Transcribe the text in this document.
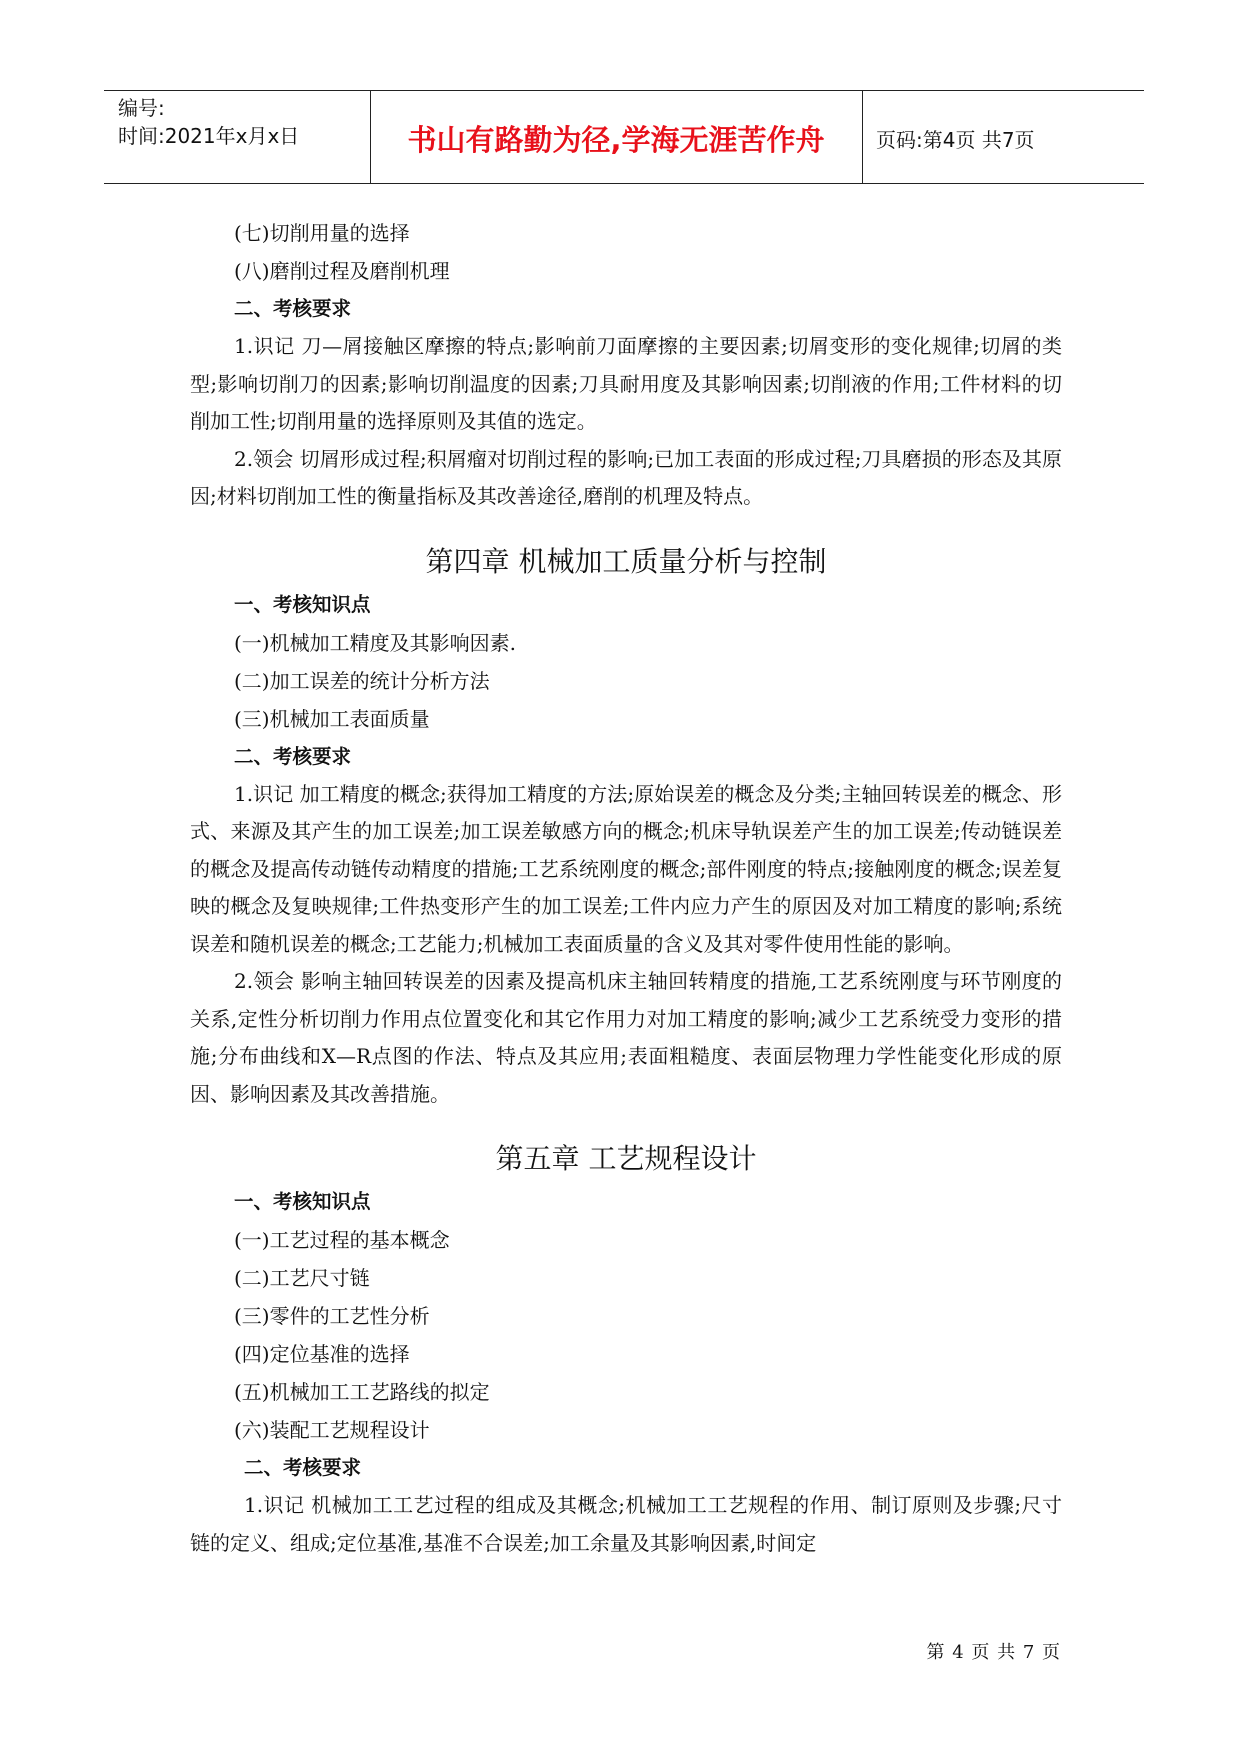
编号:
时间:2021年x月x日	书山有路勤为径,学海无涯苦作舟	页码:第4页 共7页
(七)切削用量的选择
(八)磨削过程及磨削机理
二、考核要求

1.识记 刀—屑接触区摩擦的特点;影响前刀面摩擦的主要因素;切屑变形的变化规律;切屑的类型;影响切削刀的因素;影响切削温度的因素;刀具耐用度及其影响因素;切削液的作用;工件材料的切削加工性;切削用量的选择原则及其值的选定。

2.领会 切屑形成过程;积屑瘤对切削过程的影响;已加工表面的形成过程;刀具磨损的形态及其原因;材料切削加工性的衡量指标及其改善途径,磨削的机理及特点。

第四章 机械加工质量分析与控制
一、考核知识点
(一)机械加工精度及其影响因素.
(二)加工误差的统计分析方法
(三)机械加工表面质量
二、考核要求

1.识记 加工精度的概念;获得加工精度的方法;原始误差的概念及分类;主轴回转误差的概念、形式、来源及其产生的加工误差;加工误差敏感方向的概念;机床导轨误差产生的加工误差;传动链误差的概念及提高传动链传动精度的措施;工艺系统刚度的概念;部件刚度的特点;接触刚度的概念;误差复映的概念及复映规律;工件热变形产生的加工误差;工件内应力产生的原因及对加工精度的影响;系统误差和随机误差的概念;工艺能力;机械加工表面质量的含义及其对零件使用性能的影响。

2.领会 影响主轴回转误差的因素及提高机床主轴回转精度的措施,工艺系统刚度与环节刚度的关系,定性分析切削力作用点位置变化和其它作用力对加工精度的影响;减少工艺系统受力变形的措施;分布曲线和X—R点图的作法、特点及其应用;表面粗糙度、表面层物理力学性能变化形成的原因、影响因素及其改善措施。

第五章 工艺规程设计
一、考核知识点
(一)工艺过程的基本概念
(二)工艺尺寸链
(三)零件的工艺性分析
(四)定位基准的选择
(五)机械加工工艺路线的拟定
(六)装配工艺规程设计
二、考核要求

1.识记 机械加工工艺过程的组成及其概念;机械加工工艺规程的作用、制订原则及步骤;尺寸链的定义、组成;定位基准,基准不合误差;加工余量及其影响因素,时间定

第 4 页 共 7 页
